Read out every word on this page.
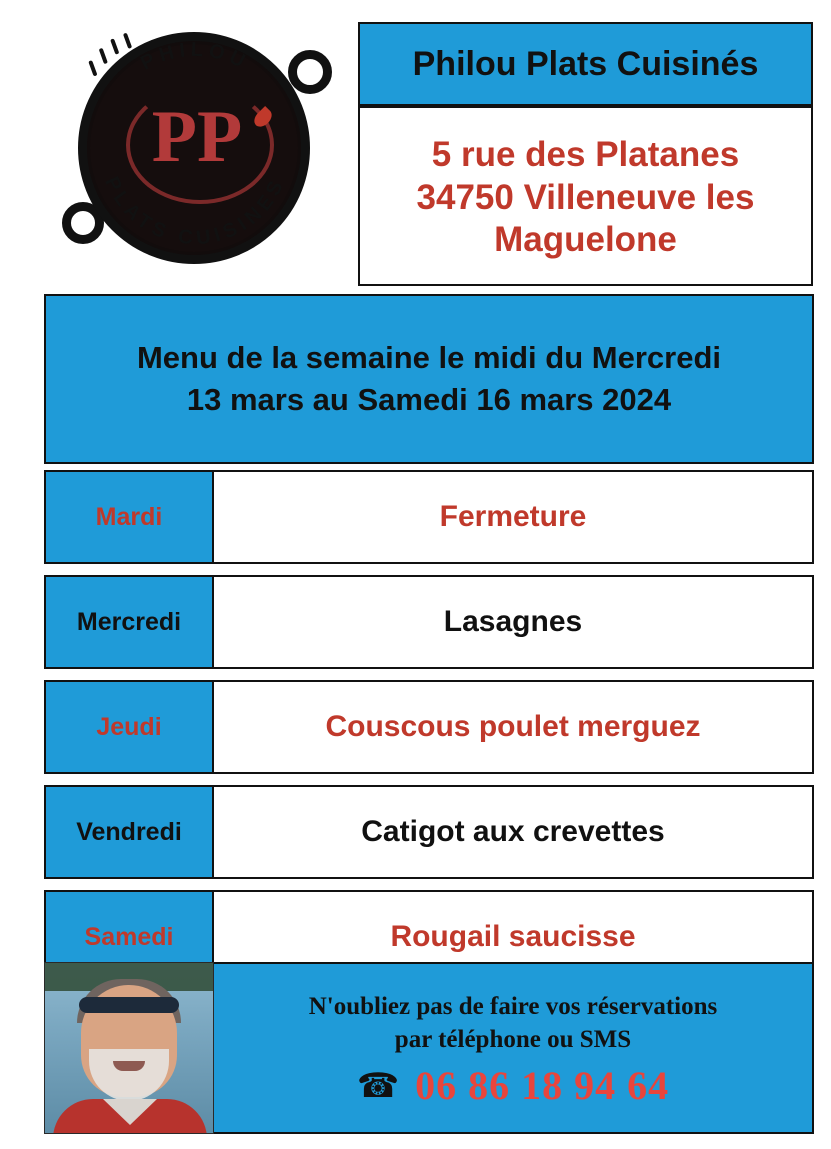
PHILOU
PLATS CUISINES
PP
Philou Plats Cuisinés
5 rue des Platanes
34750 Villeneuve les
Maguelone
Menu de la semaine le midi du Mercredi
13 mars au Samedi 16 mars 2024
Mardi	Fermeture
Mercredi	Lasagnes
Jeudi	Couscous poulet merguez
Vendredi	Catigot aux crevettes
Samedi	Rougail saucisse
N'oubliez pas de faire vos réservations
par téléphone ou SMS
☎ 06 86 18 94 64
